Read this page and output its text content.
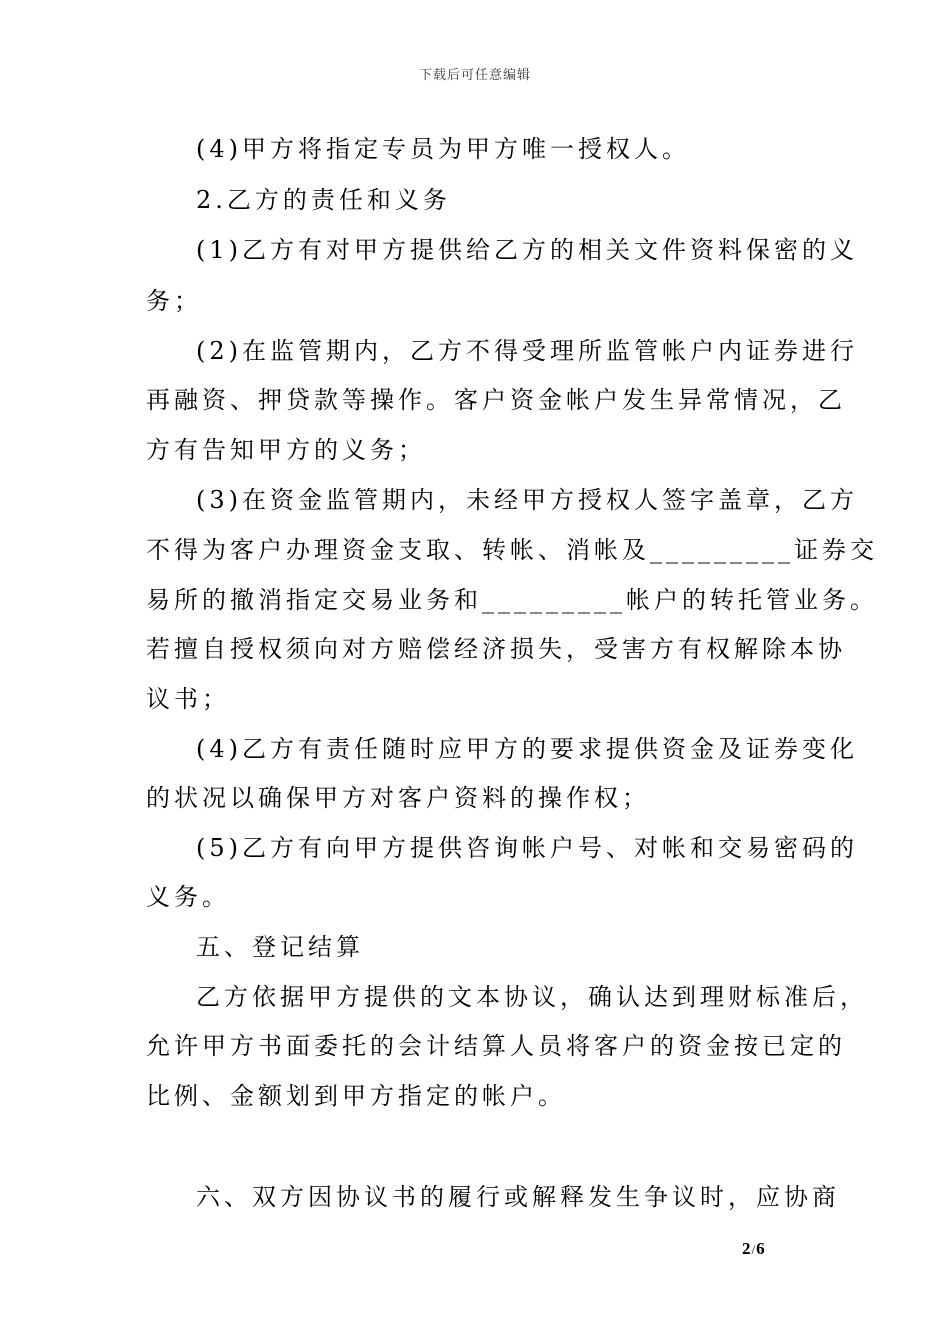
下载后可任意编辑
(4)甲方将指定专员为甲方唯一授权人。
2.乙方的责任和义务
(1)乙方有对甲方提供给乙方的相关文件资料保密的义
务；
(2)在监管期内，乙方不得受理所监管帐户内证券进行
再融资、押贷款等操作。客户资金帐户发生异常情况，乙
方有告知甲方的义务；
(3)在资金监管期内，未经甲方授权人签字盖章，乙方
不得为客户办理资金支取、转帐、消帐及_________证券交
易所的撤消指定交易业务和_________帐户的转托管业务。
若擅自授权须向对方赔偿经济损失，受害方有权解除本协
议书；
(4)乙方有责任随时应甲方的要求提供资金及证券变化
的状况以确保甲方对客户资料的操作权；
(5)乙方有向甲方提供咨询帐户号、对帐和交易密码的
义务。
五、登记结算
乙方依据甲方提供的文本协议，确认达到理财标准后，
允许甲方书面委托的会计结算人员将客户的资金按已定的
比例、金额划到甲方指定的帐户。
六、双方因协议书的履行或解释发生争议时，应协商
2/6
